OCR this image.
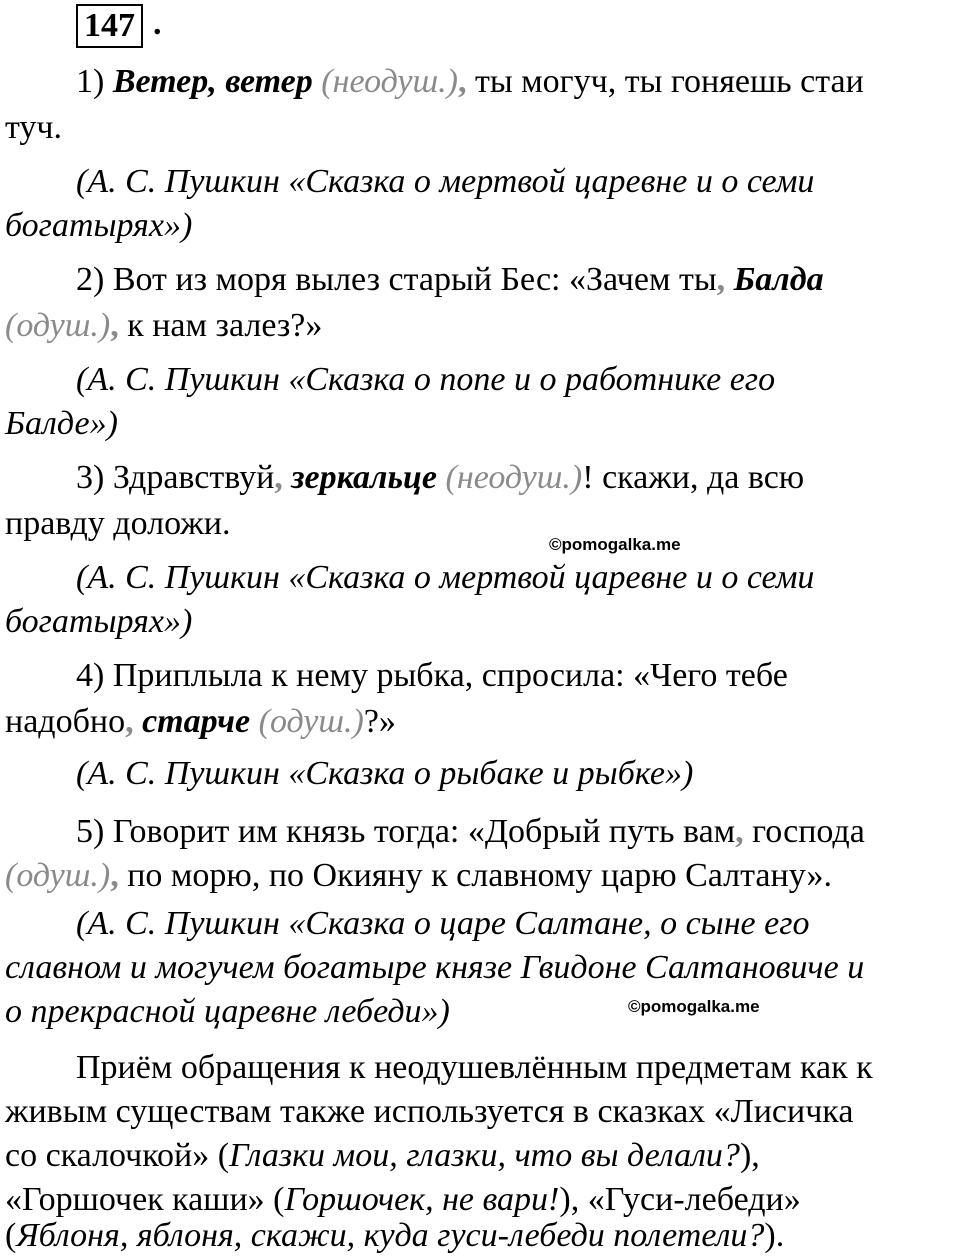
147 .
1) Ветер, ветер (неодуш.), ты могуч, ты гоняешь стаи
туч.
(А. С. Пушкин «Сказка о мертвой царевне и о семи
богатырях»)
2) Вот из моря вылез старый Бес: «Зачем ты, Балда
(одуш.), к нам залез?»
(А. С. Пушкин «Сказка о попе и о работнике его
Балде»)
3) Здравствуй, зеркальце (неодуш.)! скажи, да всю
правду доложи.
©pomogalka.me
(А. С. Пушкин «Сказка о мертвой царевне и о семи
богатырях»)
4) Приплыла к нему рыбка, спросила: «Чего тебе
надобно, старче (одуш.)?»
(А. С. Пушкин «Сказка о рыбаке и рыбке»)
5) Говорит им князь тогда: «Добрый путь вам, господа
(одуш.), по морю, по Окияну к славному царю Салтану».
(А. С. Пушкин «Сказка о царе Салтане, о сыне его
славном и могучем богатыре князе Гвидоне Салтановиче и
о прекрасной царевне лебеди»)	©pomogalka.me
Приём обращения к неодушевлённым предметам как к
живым существам также используется в сказках «Лисичка
со скалочкой» (Глазки мои, глазки, что вы делали?),
«Горшочек каши» (Горшочек, не вари!), «Гуси-лебеди»
(Яблоня, яблоня, скажи, куда гуси-лебеди полетели?).
